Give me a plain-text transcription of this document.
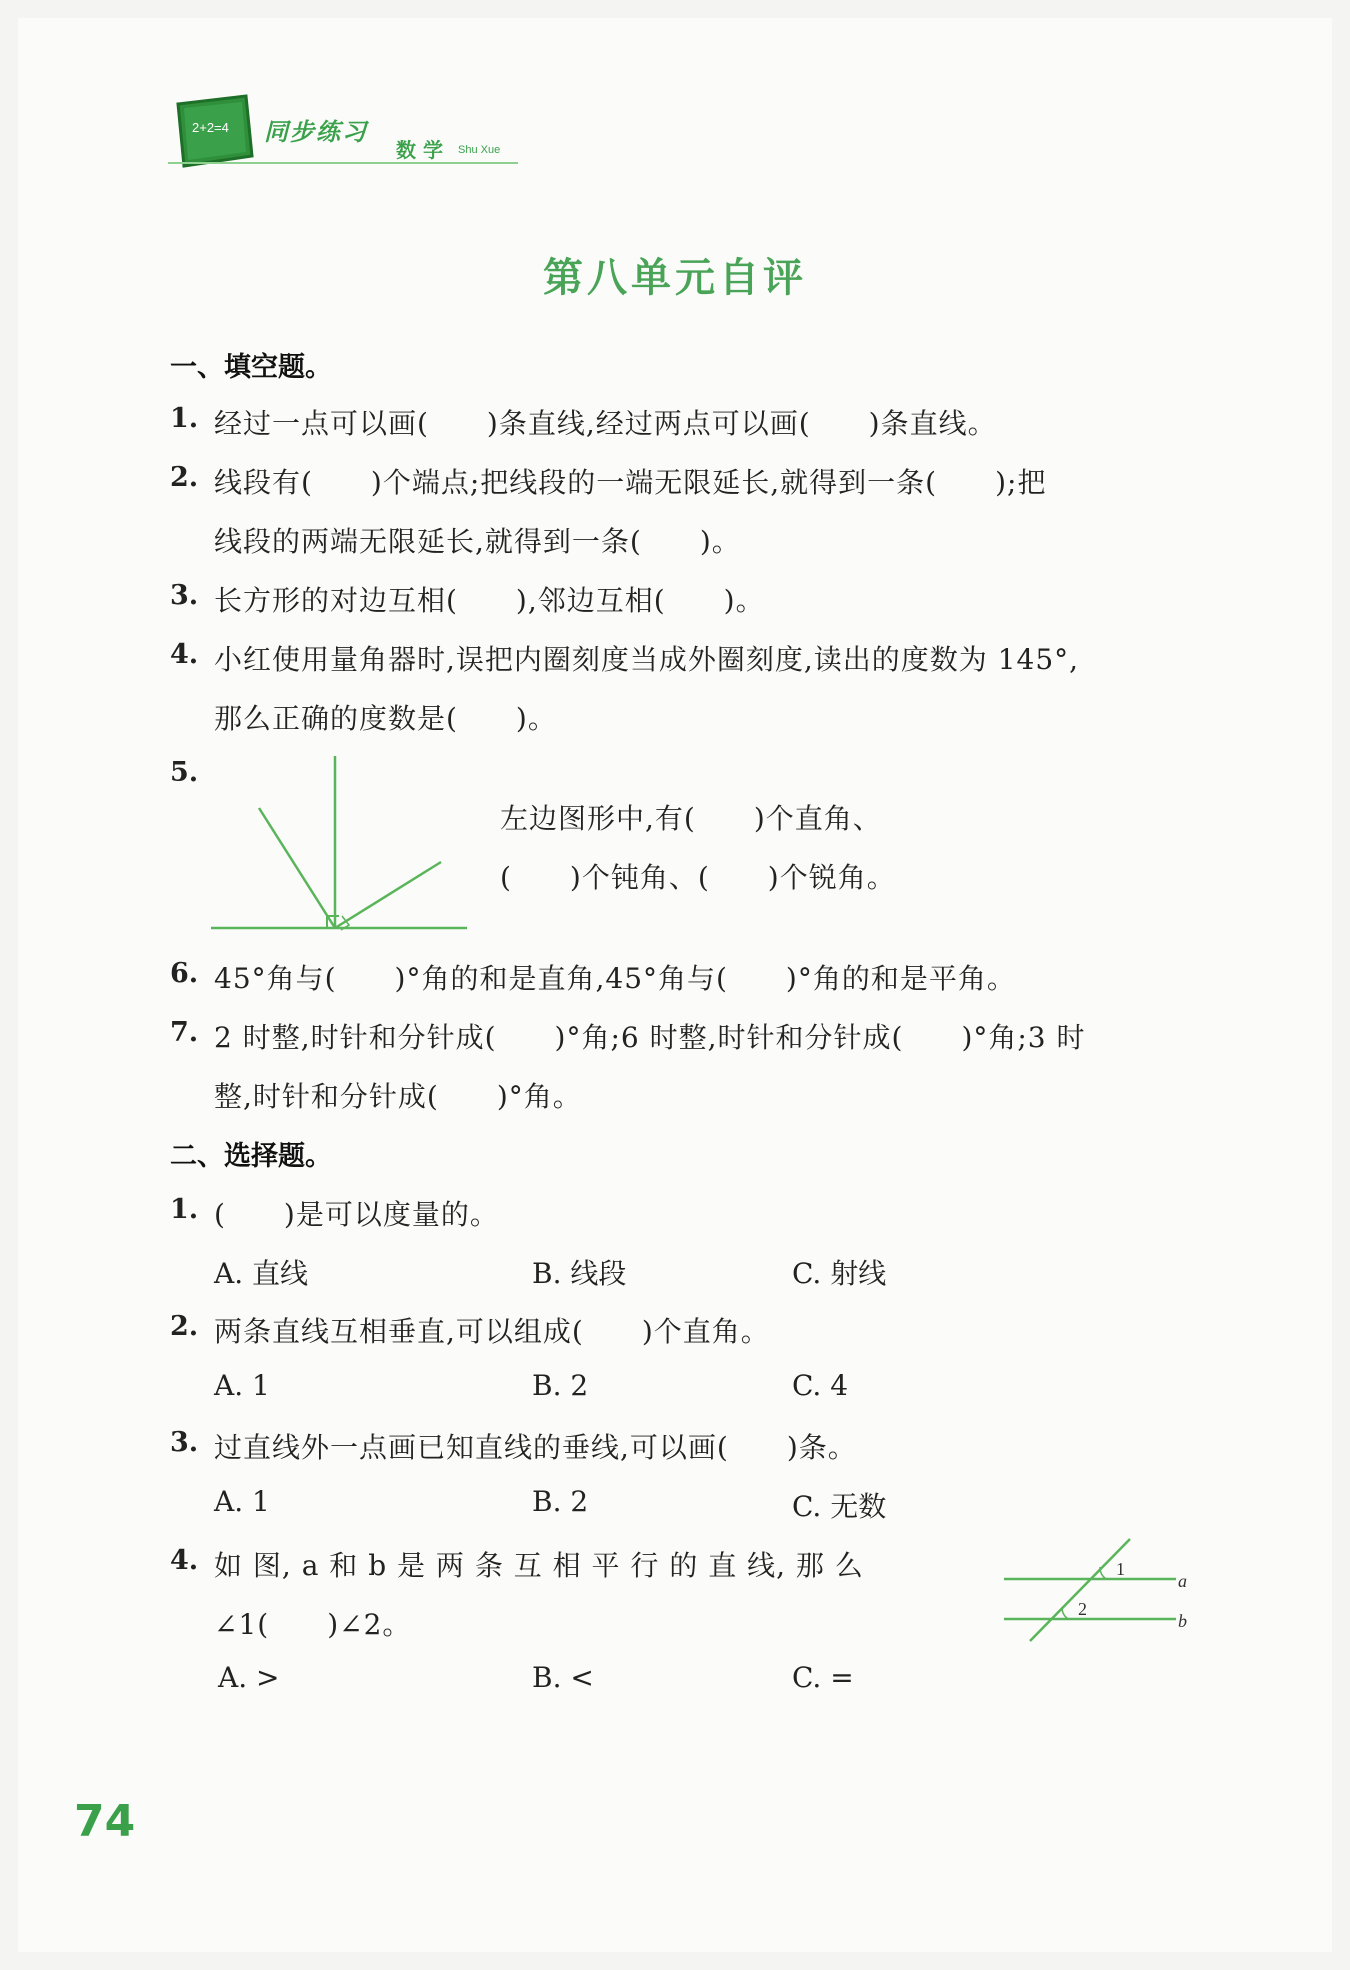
2+2=4 同步练习
数 学 Shu Xue
第八单元自评
一、填空题。
1. 经过一点可以画(　　)条直线,经过两点可以画(　　)条直线。
2. 线段有(　　)个端点;把线段的一端无限延长,就得到一条(　　);把
线段的两端无限延长,就得到一条(　　)。
3. 长方形的对边互相(　　),邻边互相(　　)。
4. 小红使用量角器时,误把内圈刻度当成外圈刻度,读出的度数为 145°,
那么正确的度数是(　　)。
5.
左边图形中,有(　　)个直角、
(　　)个钝角、(　　)个锐角。
6. 45°角与(　　)°角的和是直角,45°角与(　　)°角的和是平角。
7. 2 时整,时针和分针成(　　)°角;6 时整,时针和分针成(　　)°角;3 时
整,时针和分针成(　　)°角。
二、选择题。
1. (　　)是可以度量的。
A. 直线	B. 线段	C. 射线
2. 两条直线互相垂直,可以组成(　　)个直角。
A. 1	B. 2	C. 4
3. 过直线外一点画已知直线的垂线,可以画(　　)条。
A. 1	B. 2	C. 无数
4. 如 图, a 和 b 是 两 条 互 相 平 行 的 直 线, 那 么
∠1(　　)∠2。
A. >	B. <	C. =
1
2
a
b
74
